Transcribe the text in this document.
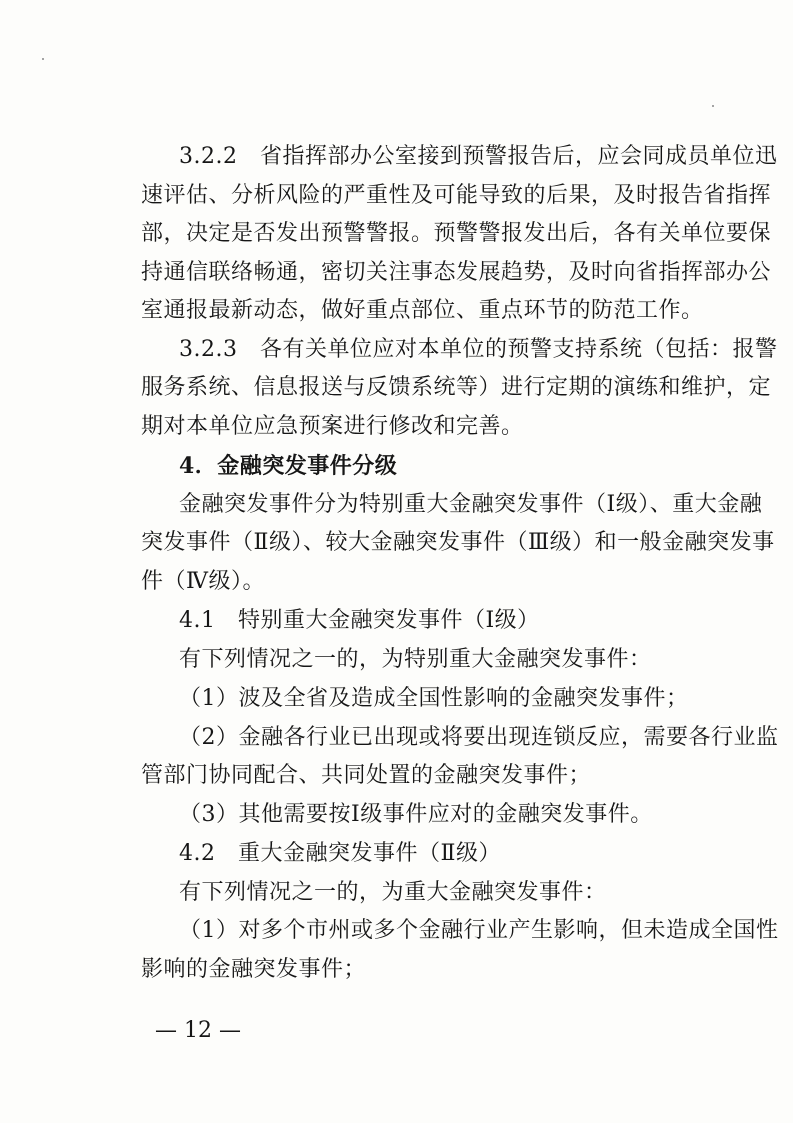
3.2.2　省指挥部办公室接到预警报告后，应会同成员单位迅
速评估、分析风险的严重性及可能导致的后果，及时报告省指挥
部，决定是否发出预警警报。预警警报发出后，各有关单位要保
持通信联络畅通，密切关注事态发展趋势，及时向省指挥部办公
室通报最新动态，做好重点部位、重点环节的防范工作。
3.2.3　各有关单位应对本单位的预警支持系统（包括：报警
服务系统、信息报送与反馈系统等）进行定期的演练和维护，定
期对本单位应急预案进行修改和完善。
4．金融突发事件分级
金融突发事件分为特别重大金融突发事件（Ⅰ级）、重大金融
突发事件（Ⅱ级）、较大金融突发事件（Ⅲ级）和一般金融突发事
件（Ⅳ级）。
4.1　特别重大金融突发事件（Ⅰ级）
有下列情况之一的，为特别重大金融突发事件：
（1）波及全省及造成全国性影响的金融突发事件；
（2）金融各行业已出现或将要出现连锁反应，需要各行业监
管部门协同配合、共同处置的金融突发事件；
（3）其他需要按Ⅰ级事件应对的金融突发事件。
4.2　重大金融突发事件（Ⅱ级）
有下列情况之一的，为重大金融突发事件：
（1）对多个市州或多个金融行业产生影响，但未造成全国性
影响的金融突发事件；
— 12 —
